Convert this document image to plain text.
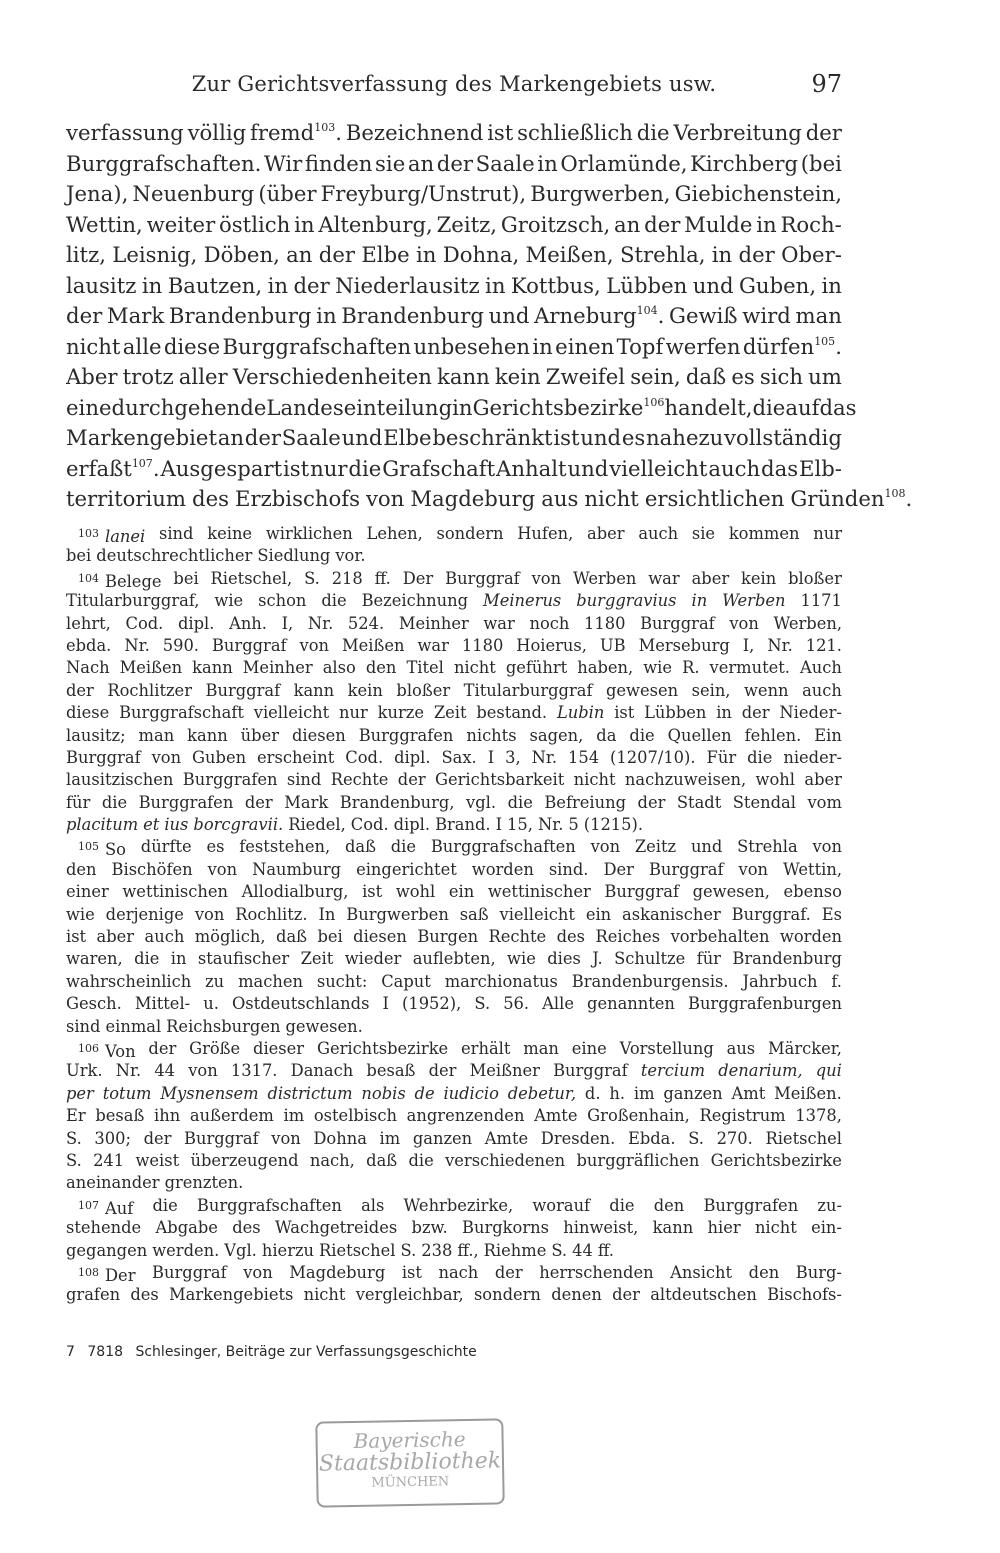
Zur Gerichtsverfassung des Markengebiets usw.	97
verfassung völlig fremd$^{103}$. Bezeichnend ist schließlich die Verbreitung der
Burggrafschaften. Wir finden sie an der Saale in Orlamünde, Kirchberg (bei
Jena), Neuenburg (über Freyburg/Unstrut), Burgwerben, Giebichenstein,
Wettin, weiter östlich in Altenburg, Zeitz, Groitzsch, an der Mulde in Roch-
litz, Leisnig, Döben, an der Elbe in Dohna, Meißen, Strehla, in der Ober-
lausitz in Bautzen, in der Niederlausitz in Kottbus, Lübben und Guben, in
der Mark Brandenburg in Brandenburg und Arneburg$^{104}$. Gewiß wird man
nicht alle diese Burggrafschaften unbesehen in einen Topf werfen dürfen$^{105}$.
Aber trotz aller Verschiedenheiten kann kein Zweifel sein, daß es sich um
eine durchgehende Landeseinteilung in Gerichtsbezirke$^{106}$ handelt, die auf das
Markengebiet an der Saale und Elbe beschränkt ist und es nahezu vollständig
erfaßt$^{107}$. Ausgespart ist nur die Grafschaft Anhalt und vielleicht auch das Elb-
territorium des Erzbischofs von Magdeburg aus nicht ersichtlichen Gründen$^{108}$.
$^{103}$ lanei sind keine wirklichen Lehen, sondern Hufen, aber auch sie kommen nur
bei deutschrechtlicher Siedlung vor.
$^{104}$ Belege bei Rietschel, S. 218 ff. Der Burggraf von Werben war aber kein bloßer
Titularburggraf, wie schon die Bezeichnung Meinerus burggravius in Werben 1171
lehrt, Cod. dipl. Anh. I, Nr. 524. Meinher war noch 1180 Burggraf von Werben,
ebda. Nr. 590. Burggraf von Meißen war 1180 Hoierus, UB Merseburg I, Nr. 121.
Nach Meißen kann Meinher also den Titel nicht geführt haben, wie R. vermutet. Auch
der Rochlitzer Burggraf kann kein bloßer Titularburggraf gewesen sein, wenn auch
diese Burggrafschaft vielleicht nur kurze Zeit bestand. Lubin ist Lübben in der Nieder-
lausitz; man kann über diesen Burggrafen nichts sagen, da die Quellen fehlen. Ein
Burggraf von Guben erscheint Cod. dipl. Sax. I 3, Nr. 154 (1207/10). Für die nieder-
lausitzischen Burggrafen sind Rechte der Gerichtsbarkeit nicht nachzuweisen, wohl aber
für die Burggrafen der Mark Brandenburg, vgl. die Befreiung der Stadt Stendal vom
placitum et ius borcgravii. Riedel, Cod. dipl. Brand. I 15, Nr. 5 (1215).
$^{105}$ So dürfte es feststehen, daß die Burggrafschaften von Zeitz und Strehla von
den Bischöfen von Naumburg eingerichtet worden sind. Der Burggraf von Wettin,
einer wettinischen Allodialburg, ist wohl ein wettinischer Burggraf gewesen, ebenso
wie derjenige von Rochlitz. In Burgwerben saß vielleicht ein askanischer Burggraf. Es
ist aber auch möglich, daß bei diesen Burgen Rechte des Reiches vorbehalten worden
waren, die in staufischer Zeit wieder auflebten, wie dies J. Schultze für Brandenburg
wahrscheinlich zu machen sucht: Caput marchionatus Brandenburgensis. Jahrbuch f.
Gesch. Mittel- u. Ostdeutschlands I (1952), S. 56. Alle genannten Burggrafenburgen
sind einmal Reichsburgen gewesen.
$^{106}$ Von der Größe dieser Gerichtsbezirke erhält man eine Vorstellung aus Märcker,
Urk. Nr. 44 von 1317. Danach besaß der Meißner Burggraf tercium denarium, qui
per totum Mysnensem districtum nobis de iudicio debetur, d. h. im ganzen Amt Meißen.
Er besaß ihn außerdem im ostelbisch angrenzenden Amte Großenhain, Registrum 1378,
S. 300; der Burggraf von Dohna im ganzen Amte Dresden. Ebda. S. 270. Rietschel
S. 241 weist überzeugend nach, daß die verschiedenen burggräflichen Gerichtsbezirke
aneinander grenzten.
$^{107}$ Auf die Burggrafschaften als Wehrbezirke, worauf die den Burggrafen zu-
stehende Abgabe des Wachgetreides bzw. Burgkorns hinweist, kann hier nicht ein-
gegangen werden. Vgl. hierzu Rietschel S. 238 ff., Riehme S. 44 ff.
$^{108}$ Der Burggraf von Magdeburg ist nach der herrschenden Ansicht den Burg-
grafen des Markengebiets nicht vergleichbar, sondern denen der altdeutschen Bischofs-
7 7818 Schlesinger, Beiträge zur Verfassungsgeschichte
Bayerische
Staatsbibliothek
MÜNCHEN
